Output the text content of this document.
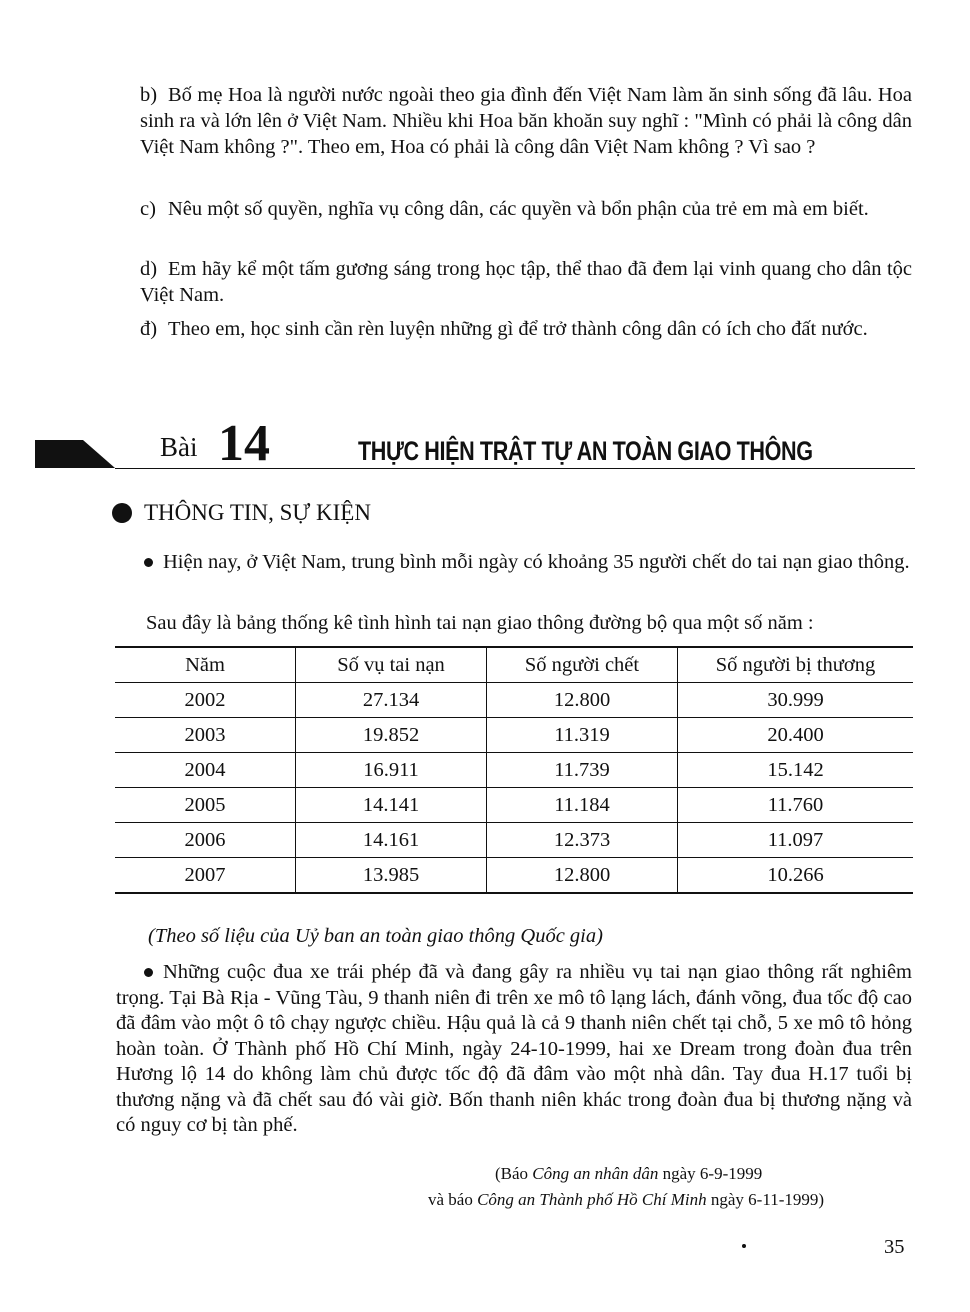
b) Bố mẹ Hoa là người nước ngoài theo gia đình đến Việt Nam làm ăn sinh sống đã lâu. Hoa sinh ra và lớn lên ở Việt Nam. Nhiều khi Hoa băn khoăn suy nghĩ : "Mình có phải là công dân Việt Nam không ?". Theo em, Hoa có phải là công dân Việt Nam không ? Vì sao ?
c) Nêu một số quyền, nghĩa vụ công dân, các quyền và bổn phận của trẻ em mà em biết.
d) Em hãy kể một tấm gương sáng trong học tập, thể thao đã đem lại vinh quang cho dân tộc Việt Nam.
đ) Theo em, học sinh cần rèn luyện những gì để trở thành công dân có ích cho đất nước.
Bài 14	THỰC HIỆN TRẬT TỰ AN TOÀN GIAO THÔNG
THÔNG TIN, SỰ KIỆN
Hiện nay, ở Việt Nam, trung bình mỗi ngày có khoảng 35 người chết do tai nạn giao thông.
Sau đây là bảng thống kê tình hình tai nạn giao thông đường bộ qua một số năm :
Năm	Số vụ tai nạn	Số người chết	Số người bị thương
2002	27.134	12.800	30.999
2003	19.852	11.319	20.400
2004	16.911	11.739	15.142
2005	14.141	11.184	11.760
2006	14.161	12.373	11.097
2007	13.985	12.800	10.266
(Theo số liệu của Uỷ ban an toàn giao thông Quốc gia)
Những cuộc đua xe trái phép đã và đang gây ra nhiều vụ tai nạn giao thông rất nghiêm trọng. Tại Bà Rịa - Vũng Tàu, 9 thanh niên đi trên xe mô tô lạng lách, đánh võng, đua tốc độ cao đã đâm vào một ô tô chạy ngược chiều. Hậu quả là cả 9 thanh niên chết tại chỗ, 5 xe mô tô hỏng hoàn toàn. Ở Thành phố Hồ Chí Minh, ngày 24-10-1999, hai xe Dream trong đoàn đua trên Hương lộ 14 do không làm chủ được tốc độ đã đâm vào một nhà dân. Tay đua H.17 tuổi bị thương nặng và đã chết sau đó vài giờ. Bốn thanh niên khác trong đoàn đua bị thương nặng và có nguy cơ bị tàn phế.
(Báo Công an nhân dân ngày 6-9-1999
và báo Công an Thành phố Hồ Chí Minh ngày 6-11-1999)
35
